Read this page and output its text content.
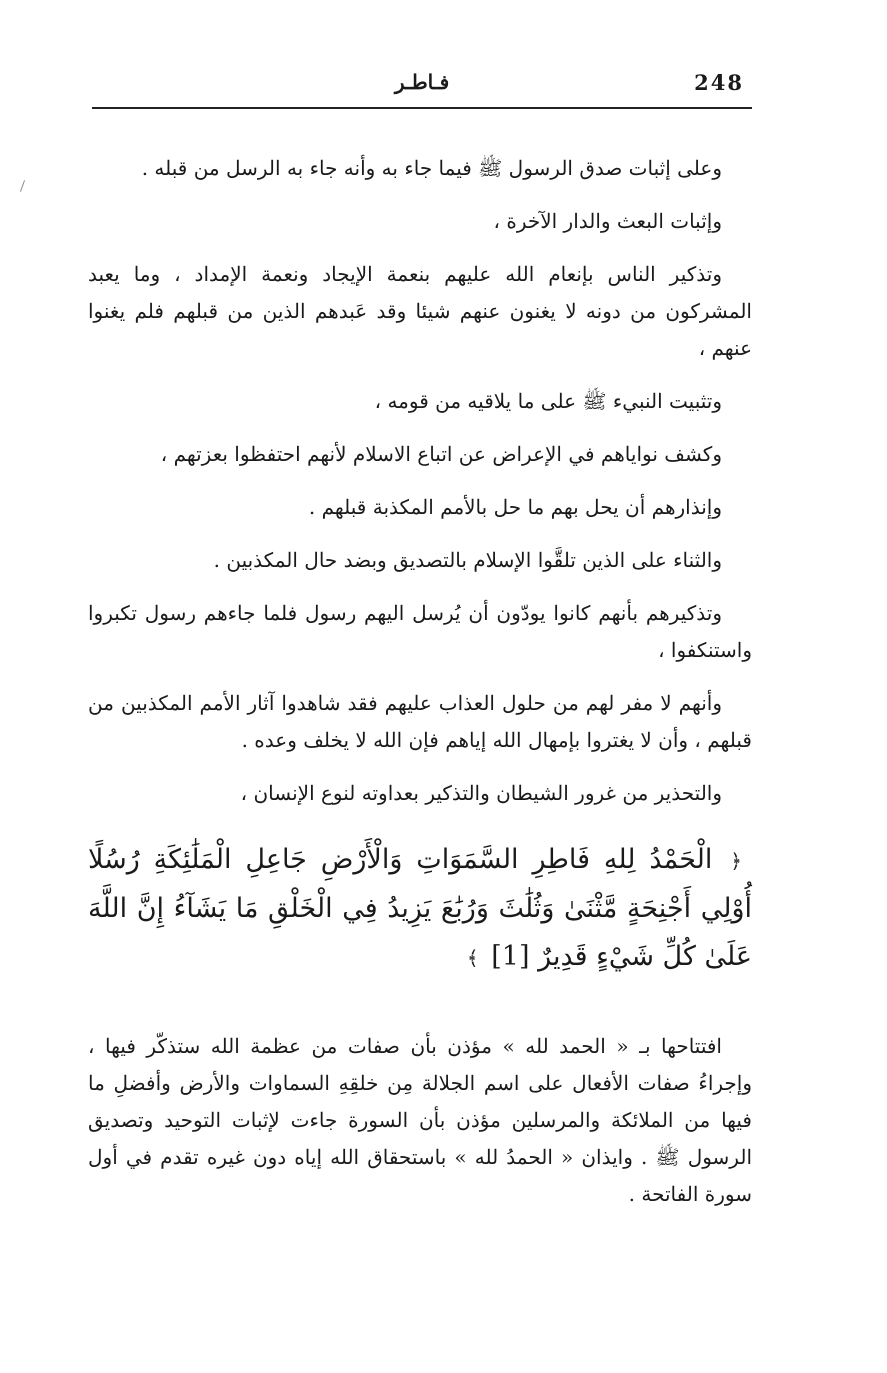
248
فـاطـر

وعلى إثبات صدق الرسول ﷺ فيما جاء به وأنه جاء به الرسل من قبله .

وإثبات البعث والدار الآخرة ،

وتذكير الناس بإنعام الله عليهم بنعمة الإيجاد ونعمة الإمداد ، وما يعبد المشركون من دونه لا يغنون عنهم شيئا وقد عَبدهم الذين من قبلهم فلم يغنوا عنهم ،

وتثبيت النبيء ﷺ على ما يلاقيه من قومه ،

وكشف نواياهم في الإعراض عن اتباع الاسلام لأنهم احتفظوا بعزتهم ،

وإنذارهم أن يحل بهم ما حل بالأمم المكذبة قبلهم .

والثناء على الذين تلقَّوا الإسلام بالتصديق وبضد حال المكذبين .

وتذكيرهم بأنهم كانوا يودّون أن يُرسل اليهم رسول فلما جاءهم رسول تكبروا واستنكفوا ،

وأنهم لا مفر لهم من حلول العذاب عليهم فقد شاهدوا آثار الأمم المكذبين من قبلهم ، وأن لا يغتروا بإمهال الله إياهم فإن الله لا يخلف وعده .

والتحذير من غرور الشيطان والتذكير بعداوته لنوع الإنسان ،

﴿ الْحَمْدُ لِلهِ فَاطِرِ السَّمَوَاتِ وَالْأَرْضِ جَاعِلِ الْمَلَٰئِكَةِ رُسُلًا أُوْلِي أَجْنِحَةٍ مَّثْنَىٰ وَثُلَٰثَ وَرُبَٰعَ يَزِيدُ فِي الْخَلْقِ مَا يَشَآءُ إِنَّ اللَّهَ عَلَىٰ كُلِّ شَيْءٍ قَدِيرٌ [1] ﴾

افتتاحها بـ « الحمد لله » مؤذن بأن صفات من عظمة الله ستذكّر فيها ، وإجراءُ صفات الأفعال على اسم الجلالة مِن خلقِهِ السماوات والأرض وأفضلِ ما فيها من الملائكة والمرسلين مؤذن بأن السورة جاءت لإثبات التوحيد وتصديق الرسول ﷺ . وايذان « الحمدُ لله » باستحقاق الله إياه دون غيره تقدم في أول سورة الفاتحة .
